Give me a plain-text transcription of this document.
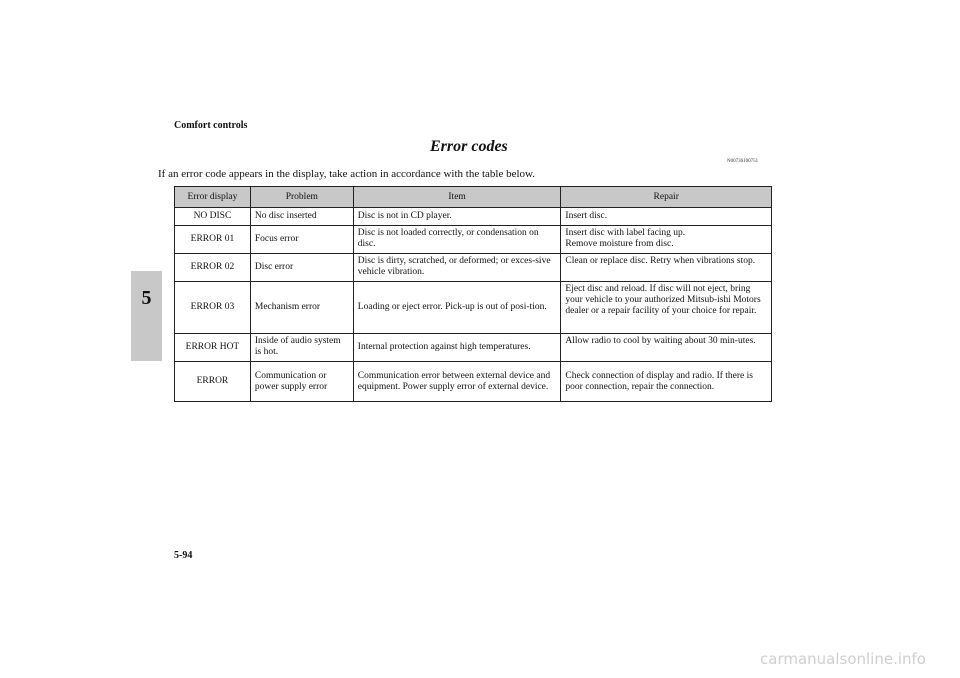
Comfort controls
5
Error codes
N00736100751
If an error code appears in the display, take action in accordance with the table below.
Error display	Problem	Item	Repair
NO DISC	No disc inserted	Disc is not in CD player.	Insert disc.
ERROR 01	Focus error	Disc is not loaded correctly, or condensation on disc.	Insert disc with label facing up.
Remove moisture from disc.
ERROR 02	Disc error	Disc is dirty, scratched, or deformed; or exces-sive vehicle vibration.	Clean or replace disc. Retry when vibrations stop.
ERROR 03	Mechanism error	Loading or eject error. Pick-up is out of posi-tion.	Eject disc and reload. If disc will not eject, bring your vehicle to your authorized Mitsub-ishi Motors dealer or a repair facility of your choice for repair.
ERROR HOT	Inside of audio system is hot.	Internal protection against high temperatures.	Allow radio to cool by waiting about 30 min-utes.
ERROR	Communication or power supply error	Communication error between external device and equipment. Power supply error of external device.	Check connection of display and radio. If there is poor connection, repair the connection.
5-94
carmanualsonline.info
